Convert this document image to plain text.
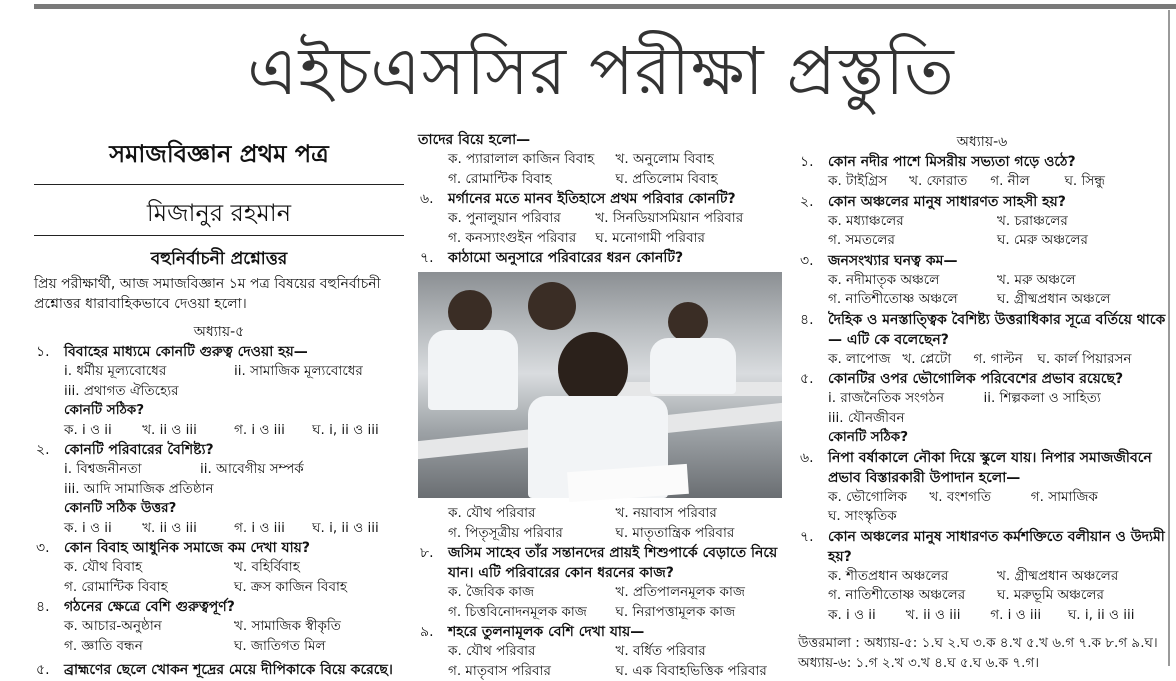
এইচএসসির পরীক্ষা প্রস্তুতি
সমাজবিজ্ঞান প্রথম পত্র
মিজানুর রহমান
বহুনির্বাচনী প্রশ্নোত্তর
প্রিয় পরীক্ষার্থী, আজ সমাজবিজ্ঞান ১ম পত্র বিষয়ের বহুনির্বাচনী প্রশ্নোত্তর ধারাবাহিকভাবে দেওয়া হলো।
অধ্যায়-৫
১.	বিবাহের মাধ্যমে কোনটি গুরুত্ব দেওয়া হয়—
i. ধর্মীয় মূল্যবোধের	ii. সামাজিক মূল্যবোধের
iii. প্রথাগত ঐতিহ্যের
কোনটি সঠিক?
ক. i ও ii	খ. ii ও iii	গ. i ও iii	ঘ. i, ii ও iii
২.	কোনটি পরিবারের বৈশিষ্ট্য?
i. বিশ্বজনীনতা	ii. আবেগীয় সম্পর্ক
iii. আদি সামাজিক প্রতিষ্ঠান
কোনটি সঠিক উত্তর?
ক. i ও ii	খ. ii ও iii	গ. i ও iii	ঘ. i, ii ও iii
৩.	কোন বিবাহ আধুনিক সমাজে কম দেখা যায়?
ক. যৌথ বিবাহ	খ. বহির্বিবাহ
গ. রোমান্টিক বিবাহ	ঘ. ক্রস কাজিন বিবাহ
৪.	গঠনের ক্ষেত্রে বেশি গুরুত্বপূর্ণ?
ক. আচার-অনুষ্ঠান	খ. সামাজিক স্বীকৃতি
গ. জ্ঞাতি বন্ধন	ঘ. জাতিগত মিল
৫.	ব্রাহ্মণের ছেলে খোকন শূদ্রের মেয়ে দীপিকাকে বিয়ে করেছে।
তাদের বিয়ে হলো—
ক. প্যারালাল কাজিন বিবাহ	খ. অনুলোম বিবাহ
গ. রোমান্টিক বিবাহ	ঘ. প্রতিলোম বিবাহ
৬.	মর্গানের মতে মানব ইতিহাসে প্রথম পরিবার কোনটি?
ক. পুনালুয়ান পরিবার	খ. সিনডিয়াসমিয়ান পরিবার
গ. কনস্যাংগুইন পরিবার	ঘ. মনোগামী পরিবার
৭.	কাঠামো অনুসারে পরিবারের ধরন কোনটি?
ক. যৌথ পরিবার	খ. নয়াবাস পরিবার
গ. পিতৃসূত্রীয় পরিবার	ঘ. মাতৃতান্ত্রিক পরিবার
৮.	জসিম সাহেব তাঁর সন্তানদের প্রায়ই শিশুপার্কে বেড়াতে নিয়ে যান। এটি পরিবারের কোন ধরনের কাজ?
ক. জৈবিক কাজ	খ. প্রতিপালনমূলক কাজ
গ. চিত্তবিনোদনমূলক কাজ	ঘ. নিরাপত্তামূলক কাজ
৯.	শহরে তুলনামূলক বেশি দেখা যায়—
ক. যৌথ পরিবার	খ. বর্ধিত পরিবার
গ. মাতৃবাস পরিবার	ঘ. এক বিবাহভিত্তিক পরিবার
অধ্যায়-৬
১.	কোন নদীর পাশে মিসরীয় সভ্যতা গড়ে ওঠে?
ক. টাইগ্রিস	খ. ফোরাত	গ. নীল	ঘ. সিন্ধু
২.	কোন অঞ্চলের মানুষ সাধারণত সাহসী হয়?
ক. মধ্যাঞ্চলের	খ. চরাঞ্চলের
গ. সমতলের	ঘ. মেরু অঞ্চলের
৩.	জনসংখ্যার ঘনত্ব কম—
ক. নদীমাতৃক অঞ্চলে	খ. মরু অঞ্চলে
গ. নাতিশীতোষ্ণ অঞ্চলে	ঘ. গ্রীষ্মপ্রধান অঞ্চলে
৪.	দৈহিক ও মনস্তাত্ত্বিক বৈশিষ্ট্য উত্তরাধিকার সূত্রে বর্তিয়ে থাকে— এটি কে বলেছেন?
ক. লাপোজ খ. প্লেটো	গ. গাল্টন	ঘ. কার্ল পিয়ারসন
৫.	কোনটির ওপর ভৌগোলিক পরিবেশের প্রভাব রয়েছে?
i. রাজনৈতিক সংগঠন	ii. শিল্পকলা ও সাহিত্য
iii. যৌনজীবন
কোনটি সঠিক?
৬.	নিপা বর্ষাকালে নৌকা দিয়ে স্কুলে যায়। নিপার সমাজজীবনে প্রভাব বিস্তারকারী উপাদান হলো—
ক. ভৌগোলিক	খ. বংশগতি	গ. সামাজিক
ঘ. সাংস্কৃতিক
৭.	কোন অঞ্চলের মানুষ সাধারণত কর্মশক্তিতে বলীয়ান ও উদ্যমী হয়?
ক. শীতপ্রধান অঞ্চলের	খ. গ্রীষ্মপ্রধান অঞ্চলের
গ. নাতিশীতোষ্ণ অঞ্চলের	ঘ. মরুভূমি অঞ্চলের
ক. i ও ii	খ. ii ও iii	গ. i ও iii	ঘ. i, ii ও iii
উত্তরমালা : অধ্যায়-৫: ১.ঘ ২.ঘ ৩.ক ৪.খ ৫.খ ৬.গ ৭.ক ৮.গ ৯.ঘ। অধ্যায়-৬: ১.গ ২.খ ৩.খ ৪.ঘ ৫.ঘ ৬.ক ৭.গ।
